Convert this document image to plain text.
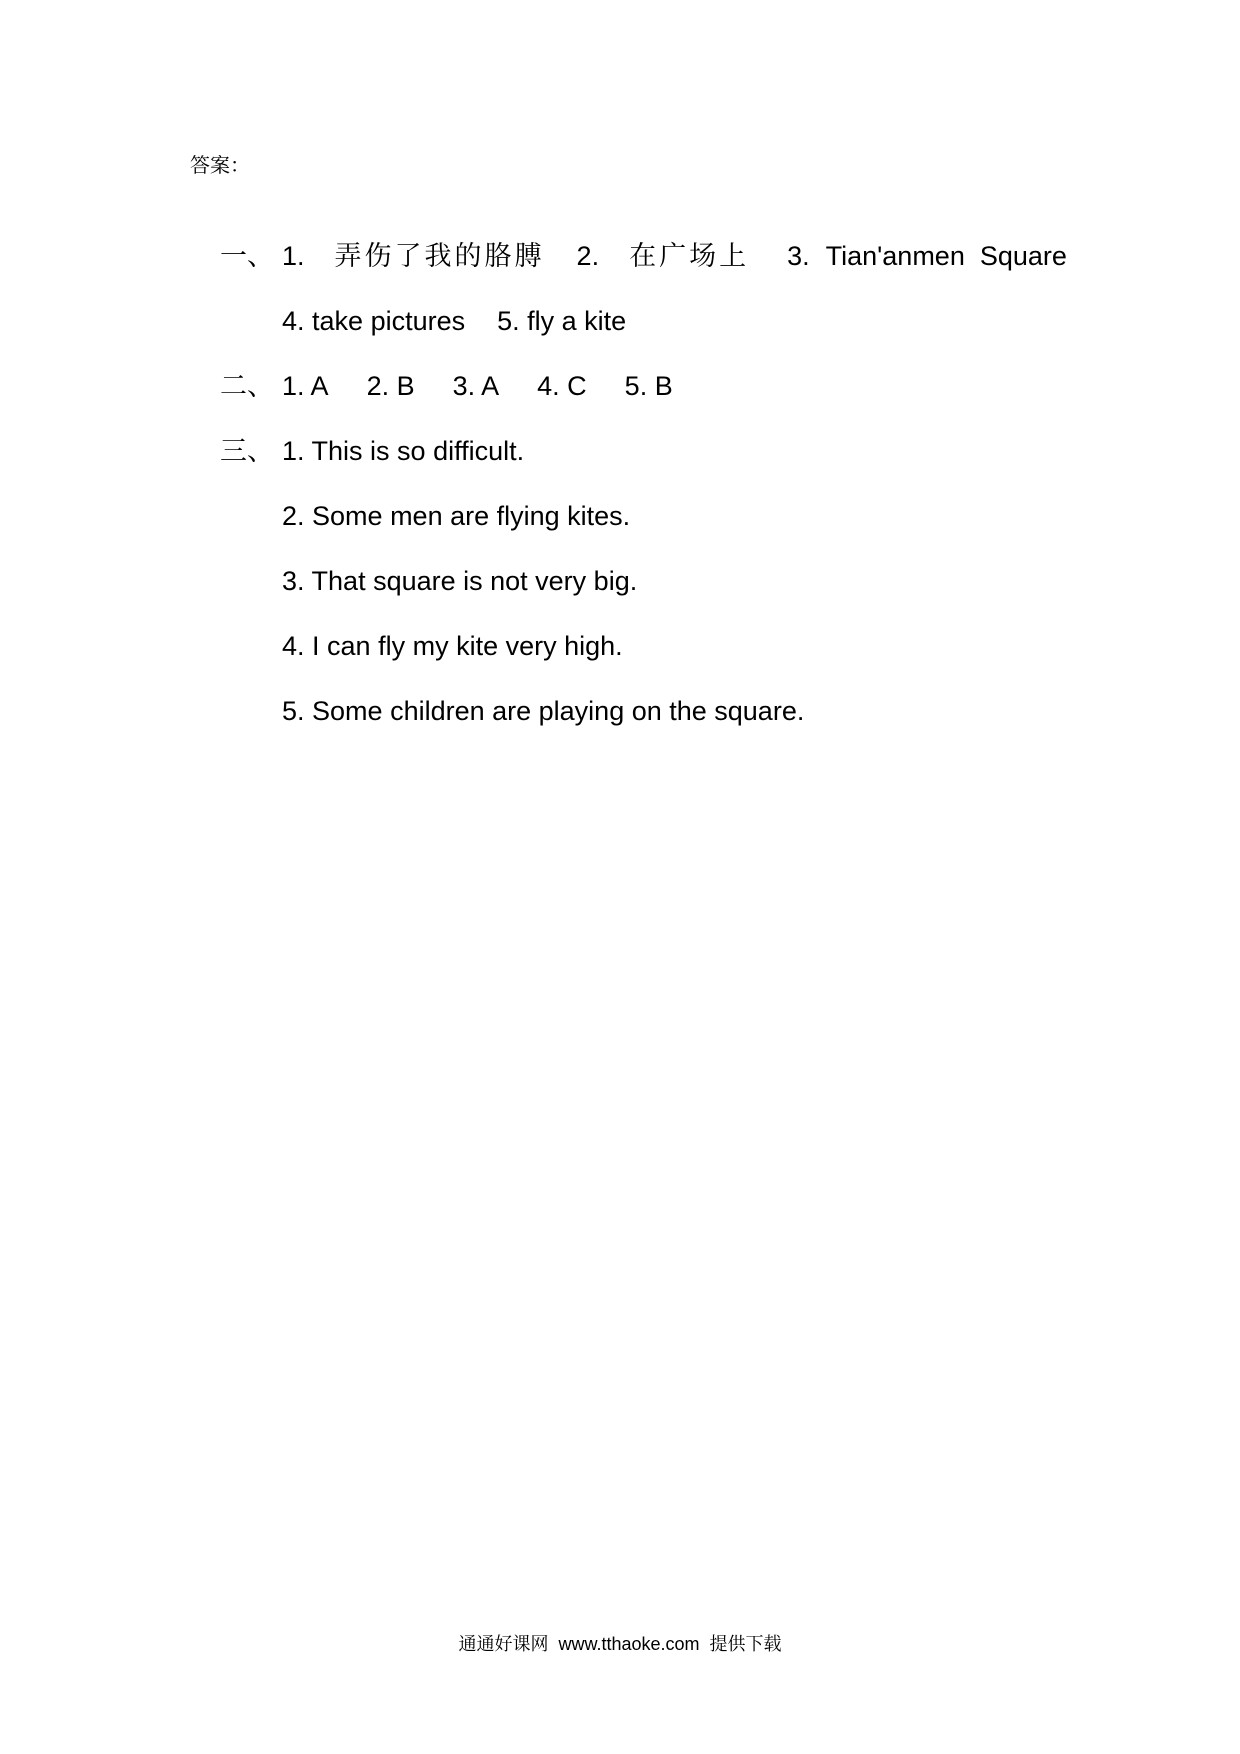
答案：

一、 1. 弄伤了我的胳膊 2. 在广场上 3. Tian'anmen  Square

4. take pictures 5. fly a kite

二、 1. A 2. B 3. A 4. C 5. B

三、 1. This is so difficult.

2. Some men are flying kites.

3. That square is not very big.

4. I can fly my kite very high.

5. Some children are playing on the square.

通通好课网 www.tthaoke.com 提供下载
